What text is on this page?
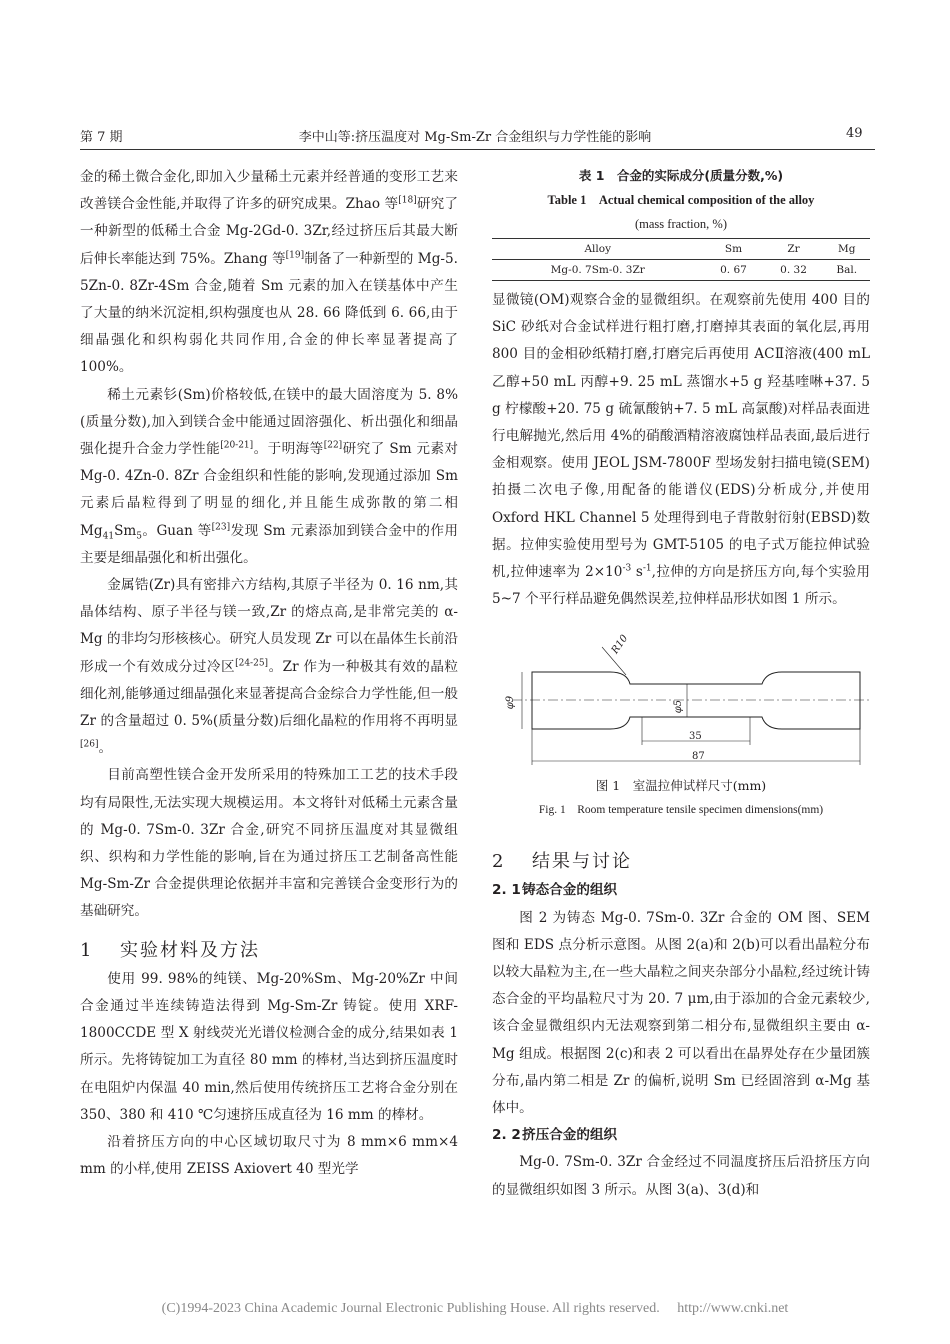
第 7 期	李中山等:挤压温度对 Mg-Sm-Zr 合金组织与力学性能的影响	49

金的稀土微合金化,即加入少量稀土元素并经普通的变形工艺来改善镁合金性能,并取得了许多的研究成果。Zhao 等[18]研究了一种新型的低稀土合金 Mg-2Gd-0. 3Zr,经过挤压后其最大断后伸长率能达到 75%。Zhang 等[19]制备了一种新型的 Mg-5. 5Zn-0. 8Zr-4Sm 合金,随着 Sm 元素的加入在镁基体中产生了大量的纳米沉淀相,织构强度也从 28. 66 降低到 6. 66,由于细晶强化和织构弱化共同作用,合金的伸长率显著提高了 100%。

稀土元素钐(Sm)价格较低,在镁中的最大固溶度为 5. 8%(质量分数),加入到镁合金中能通过固溶强化、析出强化和细晶强化提升合金力学性能[20-21]。于明海等[22]研究了 Sm 元素对 Mg-0. 4Zn-0. 8Zr 合金组织和性能的影响,发现通过添加 Sm 元素后晶粒得到了明显的细化,并且能生成弥散的第二相 $Mg_{41}Sm_5$。Guan 等[23]发现 Sm 元素添加到镁合金中的作用主要是细晶强化和析出强化。

金属锆(Zr)具有密排六方结构,其原子半径为 0. 16 nm,其晶体结构、原子半径与镁一致,Zr 的熔点高,是非常完美的 α-Mg 的非均匀形核核心。研究人员发现 Zr 可以在晶体生长前沿形成一个有效成分过冷区[24-25]。Zr 作为一种极其有效的晶粒细化剂,能够通过细晶强化来显著提高合金综合力学性能,但一般 Zr 的含量超过 0. 5%(质量分数)后细化晶粒的作用将不再明显[26]。

目前高塑性镁合金开发所采用的特殊加工工艺的技术手段均有局限性,无法实现大规模运用。本文将针对低稀土元素含量的 Mg-0. 7Sm-0. 3Zr 合金,研究不同挤压温度对其显微组织、织构和力学性能的影响,旨在为通过挤压工艺制备高性能 Mg-Sm-Zr 合金提供理论依据并丰富和完善镁合金变形行为的基础研究。

1 实验材料及方法

使用 99. 98%的纯镁、Mg-20%Sm、Mg-20%Zr 中间合金通过半连续铸造法得到 Mg-Sm-Zr 铸锭。使用 XRF-1800CCDE 型 X 射线荧光光谱仪检测合金的成分,结果如表 1 所示。先将铸锭加工为直径 80 mm 的棒材,当达到挤压温度时在电阻炉内保温 40 min,然后使用传统挤压工艺将合金分别在 350、380 和 410 ℃匀速挤压成直径为 16 mm 的棒材。

沿着挤压方向的中心区域切取尺寸为 8 mm×6 mm×4 mm 的小样,使用 ZEISS Axiovert 40 型光学

表 1　合金的实际成分(质量分数,%)
Table 1　Actual chemical composition of the alloy
(mass fraction, %)
Alloy	Sm	Zr	Mg
Mg-0. 7Sm-0. 3Zr	0. 67	0. 32	Bal.

显微镜(OM)观察合金的显微组织。在观察前先使用 400 目的 SiC 砂纸对合金试样进行粗打磨,打磨掉其表面的氧化层,再用 800 目的金相砂纸精打磨,打磨完后再使用 ACⅡ溶液(400 mL 乙醇+50 mL 丙醇+9. 25 mL 蒸馏水+5 g 羟基喹啉+37. 5 g 柠檬酸+20. 75 g 硫氰酸钠+7. 5 mL 高氯酸)对样品表面进行电解抛光,然后用 4%的硝酸酒精溶液腐蚀样品表面,最后进行金相观察。使用 JEOL JSM-7800F 型场发射扫描电镜(SEM)拍摄二次电子像,用配备的能谱仪(EDS)分析成分,并使用 Oxford HKL Channel 5 处理得到电子背散射衍射(EBSD)数据。拉伸实验使用型号为 GMT-5105 的电子式万能拉伸试验机,拉伸速率为 $2\times 10^{-3}$ $s^{-1}$,拉伸的方向是挤压方向,每个实验用 5~7 个平行样品避免偶然误差,拉伸样品形状如图 1 所示。

R10
φ9	φ5
35
87
图 1　室温拉伸试样尺寸(mm)
Fig. 1　Room temperature tensile specimen dimensions(mm)
2 结果与讨论
2. 1铸态合金的组织

图 2 为铸态 Mg-0. 7Sm-0. 3Zr 合金的 OM 图、SEM 图和 EDS 点分析示意图。从图 2(a)和 2(b)可以看出晶粒分布以较大晶粒为主,在一些大晶粒之间夹杂部分小晶粒,经过统计铸态合金的平均晶粒尺寸为 20. 7 μm,由于添加的合金元素较少,该合金显微组织内无法观察到第二相分布,显微组织主要由 α-Mg 组成。根据图 2(c)和表 2 可以看出在晶界处存在少量团簇分布,晶内第二相是 Zr 的偏析,说明 Sm 已经固溶到 α-Mg 基体中。

2. 2挤压合金的组织

Mg-0. 7Sm-0. 3Zr 合金经过不同温度挤压后沿挤压方向的显微组织如图 3 所示。从图 3(a)、3(d)和

(C)1994-2023 China Academic Journal Electronic Publishing House. All rights reserved.　 http://www.cnki.net
